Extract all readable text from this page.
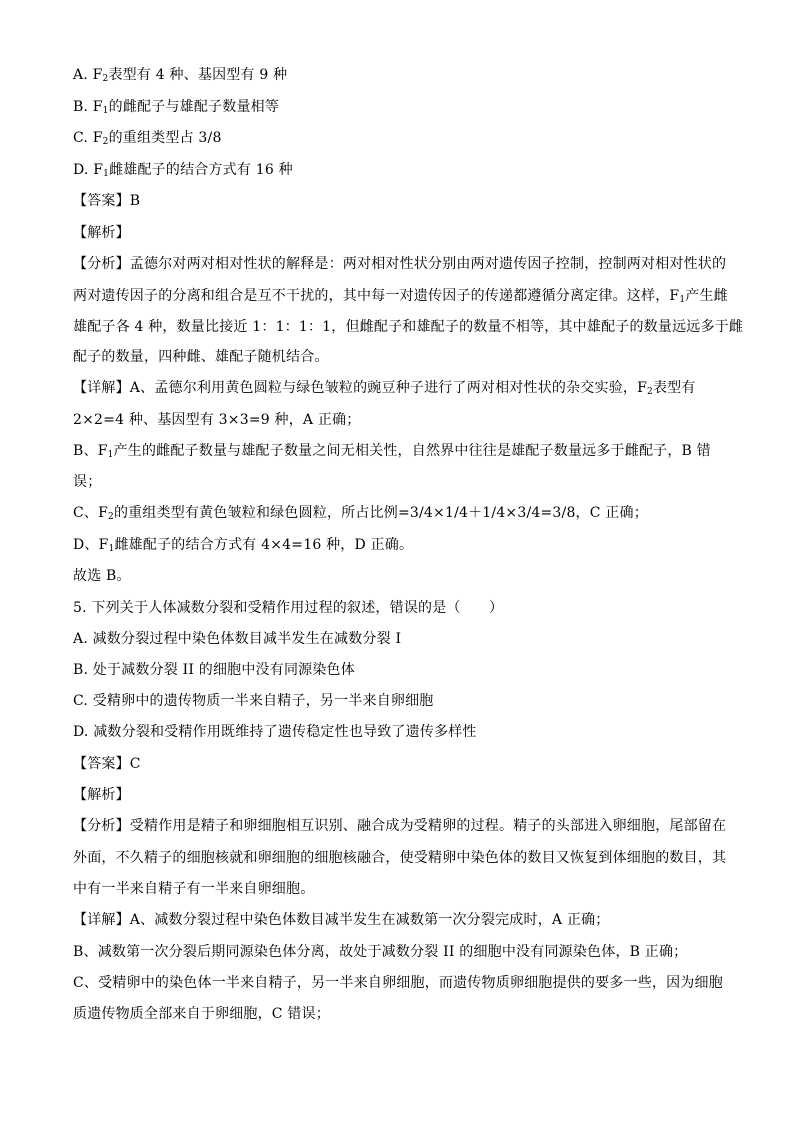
A. $F_2$表型有 4 种、基因型有 9 种
B. $F_1$的雌配子与雄配子数量相等
C. $F_2$的重组类型占 3/8
D. $F_1$雌雄配子的结合方式有 16 种
【答案】B
【解析】
【分析】孟德尔对两对相对性状的解释是：两对相对性状分别由两对遗传因子控制，控制两对相对性状的
两对遗传因子的分离和组合是互不干扰的，其中每一对遗传因子的传递都遵循分离定律。这样，$F_1$产生雌
雄配子各 4 种，数量比接近 1：1：1：1，但雌配子和雄配子的数量不相等，其中雄配子的数量远远多于雌
配子的数量，四种雌、雄配子随机结合。
【详解】A、孟德尔利用黄色圆粒与绿色皱粒的豌豆种子进行了两对相对性状的杂交实验，$F_2$表型有
2×2=4 种、基因型有 3×3=9 种，A 正确；
B、$F_1$产生的雌配子数量与雄配子数量之间无相关性，自然界中往往是雄配子数量远多于雌配子，B 错
误；
C、$F_2$的重组类型有黄色皱粒和绿色圆粒，所占比例=3/4×1/4＋1/4×3/4=3/8，C 正确；
D、$F_1$雌雄配子的结合方式有 4×4=16 种，D 正确。
故选 B。
5. 下列关于人体减数分裂和受精作用过程的叙述，错误的是（　　）
A. 减数分裂过程中染色体数目减半发生在减数分裂 I
B. 处于减数分裂 II 的细胞中没有同源染色体
C. 受精卵中的遗传物质一半来自精子，另一半来自卵细胞
D. 减数分裂和受精作用既维持了遗传稳定性也导致了遗传多样性
【答案】C
【解析】
【分析】受精作用是精子和卵细胞相互识别、融合成为受精卵的过程。精子的头部进入卵细胞，尾部留在
外面，不久精子的细胞核就和卵细胞的细胞核融合，使受精卵中染色体的数目又恢复到体细胞的数目，其
中有一半来自精子有一半来自卵细胞。
【详解】A、减数分裂过程中染色体数目减半发生在减数第一次分裂完成时，A 正确；
B、减数第一次分裂后期同源染色体分离，故处于减数分裂 II 的细胞中没有同源染色体，B 正确；
C、受精卵中的染色体一半来自精子，另一半来自卵细胞，而遗传物质卵细胞提供的要多一些，因为细胞
质遗传物质全部来自于卵细胞，C 错误；
